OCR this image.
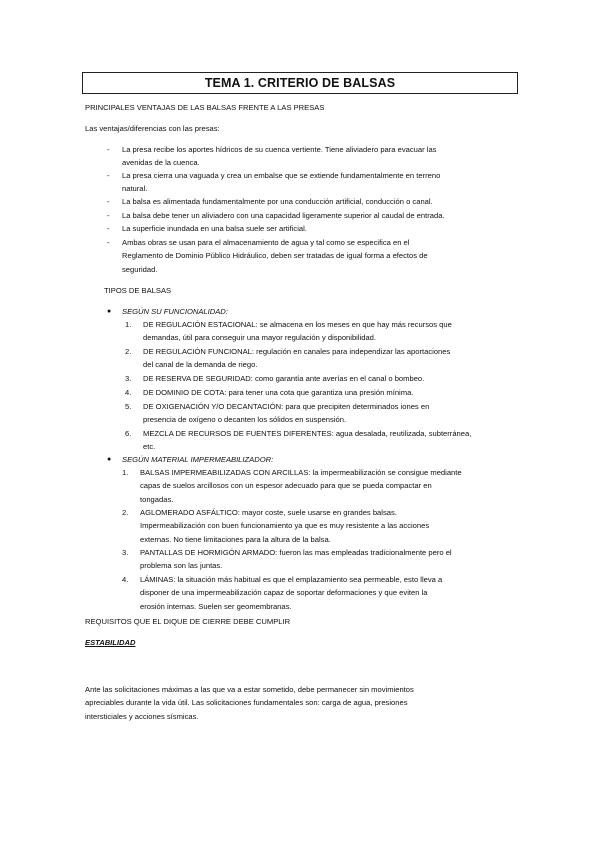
TEMA 1. CRITERIO DE BALSAS
PRINCIPALES VENTAJAS DE LAS BALSAS FRENTE A LAS PRESAS
Las ventajas/diferencias con las presas:
- La presa recibe los aportes hídricos de su cuenca vertiente. Tiene aliviadero para evacuar las
avenidas de la cuenca.
- La presa cierra una vaguada y crea un embalse que se extiende fundamentalmente en terreno
natural.
- La balsa es alimentada fundamentalmente por una conducción artificial, conducción o canal.
- La balsa debe tener un aliviadero con una capacidad ligeramente superior al caudal de entrada.
- La superficie inundada en una balsa suele ser artificial.
- Ambas obras se usan para el almacenamiento de agua y tal como se especifica en el
Reglamento de Dominio Público Hidráulico, deben ser tratadas de igual forma a efectos de
seguridad.
TIPOS DE BALSAS
● SEGÚN SU FUNCIONALIDAD:
1. DE REGULACIÓN ESTACIONAL: se almacena en los meses en que hay más recursos que
demandas, útil para conseguir una mayor regulación y disponibilidad.
2. DE REGULACIÓN FUNCIONAL: regulación en canales para independizar las aportaciones
del canal de la demanda de riego.
3. DE RESERVA DE SEGURIDAD: como garantía ante averías en el canal o bombeo.
4. DE DOMINIO DE COTA: para tener una cota que garantiza una presión mínima.
5. DE OXIGENACIÓN Y/O DECANTACIÓN: para que precipiten determinados iones en
presencia de oxígeno o decanten los sólidos en suspensión.
6. MEZCLA DE RECURSOS DE FUENTES DIFERENTES: agua desalada, reutilizada, subterránea,
etc.
● SEGÚN MATERIAL IMPERMEABILIZADOR:
1. BALSAS IMPERMEABILIZADAS CON ARCILLAS: la impermeabilización se consigue mediante
capas de suelos arcillosos con un espesor adecuado para que se pueda compactar en
tongadas.
2. AGLOMERADO ASFÁLTICO: mayor coste, suele usarse en grandes balsas.
Impermeabilización con buen funcionamiento ya que es muy resistente a las acciones
externas. No tiene limitaciones para la altura de la balsa.
3. PANTALLAS DE HORMIGÓN ARMADO: fueron las mas empleadas tradicionalmente pero el
problema son las juntas.
4. LÁMINAS: la situación más habitual es que el emplazamiento sea permeable, esto lleva a
disponer de una impermeabilización capaz de soportar deformaciones y que eviten la
erosión internas. Suelen ser geomembranas.
REQUISITOS QUE EL DIQUE DE CIERRE DEBE CUMPLIR
ESTABILIDAD
Ante las solicitaciones máximas a las que va a estar sometido, debe permanecer sin movimientos
apreciables durante la vida útil. Las solicitaciones fundamentales son: carga de agua, presiones
intersticiales y acciones sísmicas.
